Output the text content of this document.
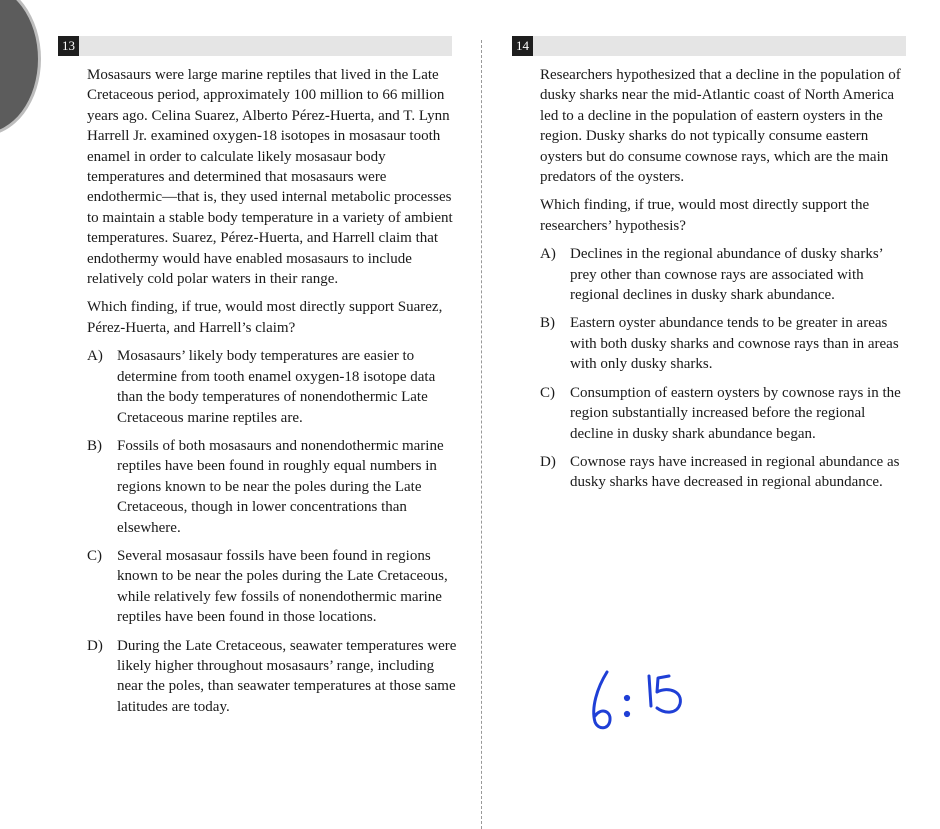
13	14

Mosasaurs were large marine reptiles that lived in the Late Cretaceous period, approximately 100 million to 66 million years ago. Celina Suarez, Alberto Pérez-Huerta, and T. Lynn Harrell Jr. examined oxygen-18 isotopes in mosasaur tooth enamel in order to calculate likely mosasaur body temperatures and determined that mosasaurs were endothermic—that is, they used internal metabolic processes to maintain a stable body temperature in a variety of ambient temperatures. Suarez, Pérez-Huerta, and Harrell claim that endothermy would have enabled mosasaurs to include relatively cold polar waters in their range.

Which finding, if true, would most directly support Suarez, Pérez-Huerta, and Harrell’s claim?

A) Mosasaurs’ likely body temperatures are easier to determine from tooth enamel oxygen-18 isotope data than the body temperatures of nonendothermic Late Cretaceous marine reptiles are.
B)	Fossils of both mosasaurs and nonendothermic marine reptiles have been found in roughly equal numbers in regions known to be near the poles during the Late Cretaceous, though in lower concentrations than elsewhere.
C)	Several mosasaur fossils have been found in regions known to be near the poles during the Late Cretaceous, while relatively few fossils of nonendothermic marine reptiles have been found in those locations.
D) During the Late Cretaceous, seawater temperatures were likely higher throughout mosasaurs’ range, including near the poles, than seawater temperatures at those same latitudes are today.

Researchers hypothesized that a decline in the population of dusky sharks near the mid-Atlantic coast of North America led to a decline in the population of eastern oysters in the region. Dusky sharks do not typically consume eastern oysters but do consume cownose rays, which are the main predators of the oysters.

Which finding, if true, would most directly support the researchers’ hypothesis?

A) Declines in the regional abundance of dusky sharks’ prey other than cownose rays are associated with regional declines in dusky shark abundance.
B)	Eastern oyster abundance tends to be greater in areas with both dusky sharks and cownose rays than in areas with only dusky sharks.
C)	Consumption of eastern oysters by cownose rays in the region substantially increased before the regional decline in dusky shark abundance began.
D) Cownose rays have increased in regional abundance as dusky sharks have decreased in regional abundance.
